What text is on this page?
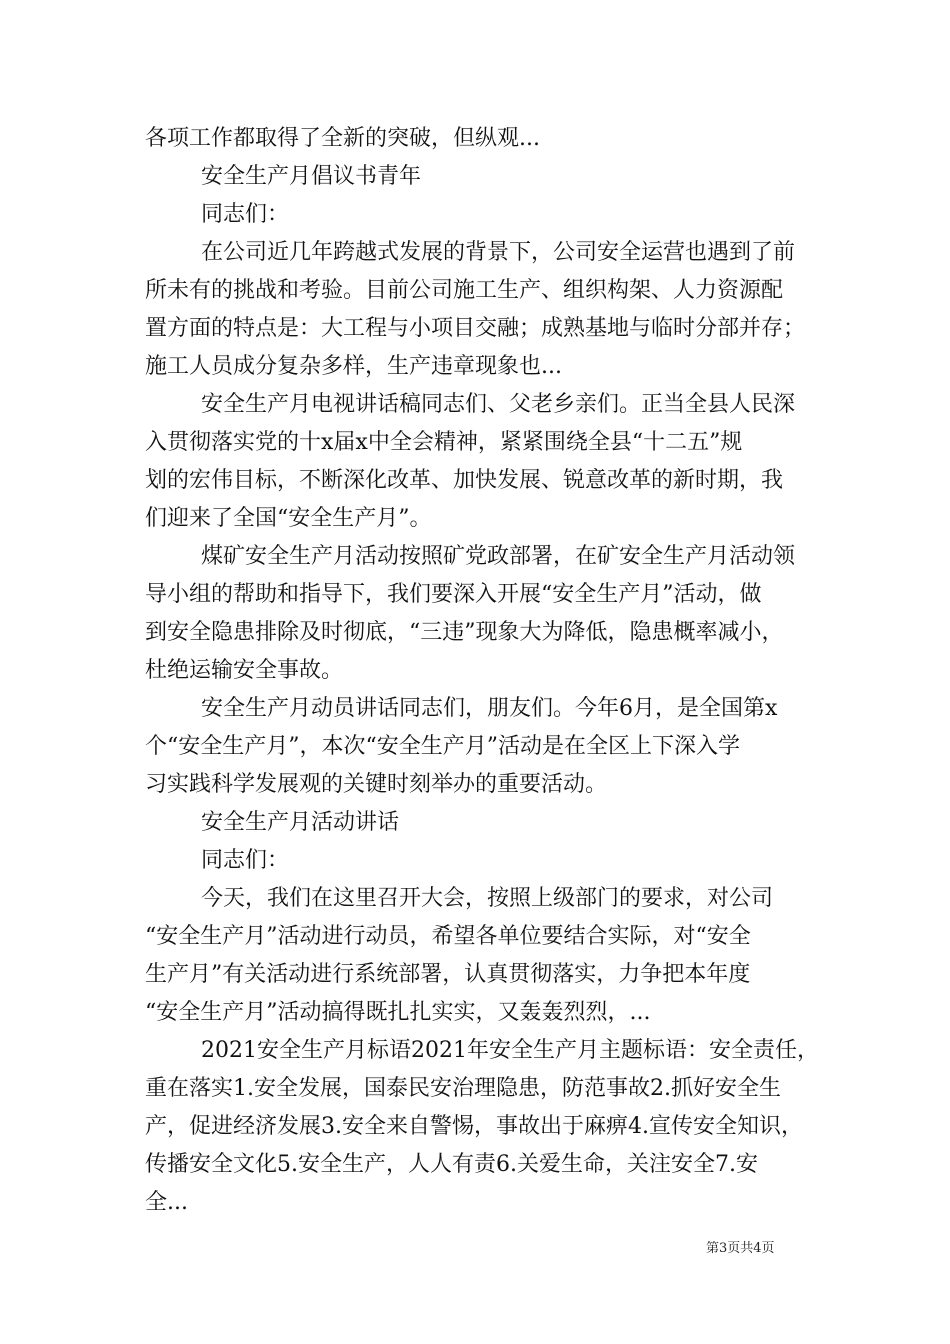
各项工作都取得了全新的突破，但纵观...

安全生产月倡议书青年

同志们：

在公司近几年跨越式发展的背景下，公司安全运营也遇到了前

所未有的挑战和考验。目前公司施工生产、组织构架、人力资源配

置方面的特点是：大工程与小项目交融；成熟基地与临时分部并存；

施工人员成分复杂多样，生产违章现象也...

安全生产月电视讲话稿同志们、父老乡亲们。正当全县人民深

入贯彻落实党的十x届x中全会精神，紧紧围绕全县“十二五”规

划的宏伟目标，不断深化改革、加快发展、锐意改革的新时期，我

们迎来了全国“安全生产月”。

煤矿安全生产月活动按照矿党政部署，在矿安全生产月活动领

导小组的帮助和指导下，我们要深入开展“安全生产月”活动，做

到安全隐患排除及时彻底，“三违”现象大为降低，隐患概率减小，

杜绝运输安全事故。

安全生产月动员讲话同志们，朋友们。今年6月，是全国第x

个“安全生产月”，本次“安全生产月”活动是在全区上下深入学

习实践科学发展观的关键时刻举办的重要活动。

安全生产月活动讲话

同志们：

今天，我们在这里召开大会，按照上级部门的要求，对公司

“安全生产月”活动进行动员，希望各单位要结合实际，对“安全

生产月”有关活动进行系统部署，认真贯彻落实，力争把本年度

“安全生产月”活动搞得既扎扎实实，又轰轰烈烈，...

2021安全生产月标语2021年安全生产月主题标语：安全责任，

重在落实1.安全发展，国泰民安治理隐患，防范事故2.抓好安全生

产，促进经济发展3.安全来自警惕，事故出于麻痹4.宣传安全知识，

传播安全文化5.安全生产，人人有责6.关爱生命，关注安全7.安

全...

第3页共4页
